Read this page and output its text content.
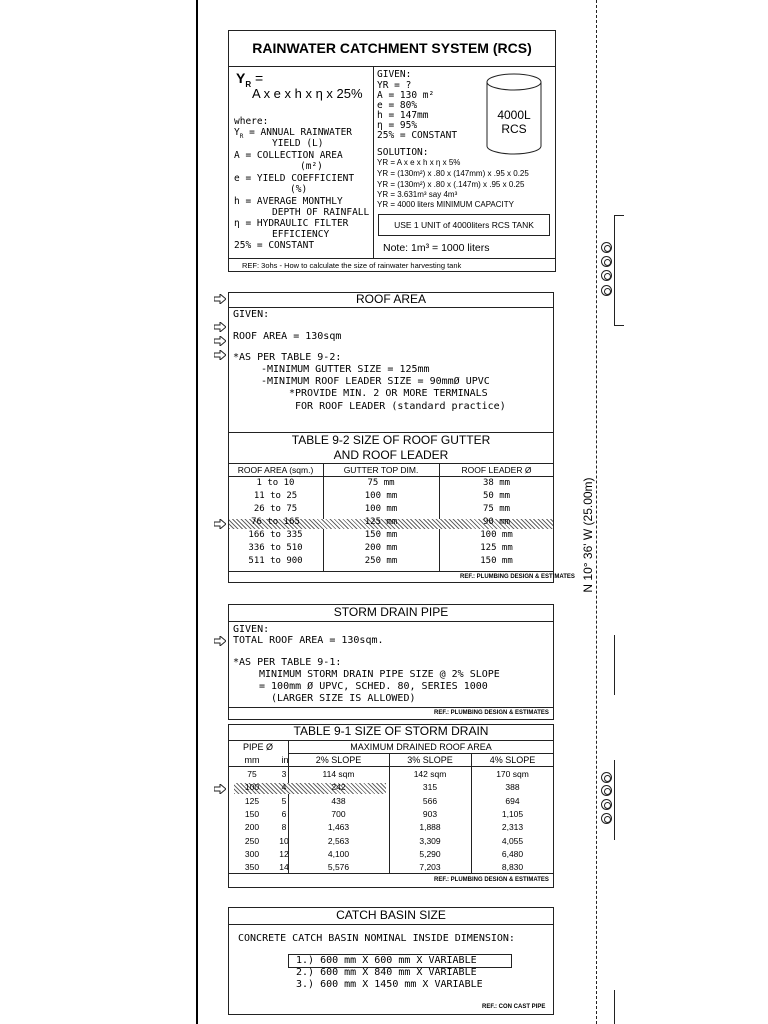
N 10° 36' W (25.00m)
RAINWATER CATCHMENT SYSTEM (RCS)
$Y_R$ =
A x e x h x η x 25%
where:
$Y_R$ = ANNUAL RAINWATER
YIELD (L)
A = COLLECTION AREA
(m²)
e = YIELD COEFFICIENT
(%)
h = AVERAGE MONTHLY
DEPTH OF RAINFALL
η = HYDRAULIC FILTER
EFFICIENCY
25% = CONSTANT
GIVEN:
YR = ?
A = 130 m²
e = 80%
h = 147mm
η = 95%
25% = CONSTANT
4000L
RCS
SOLUTION:
YR = A x e x h x η x 5%
YR = (130m²) x .80 x (147mm) x .95 x 0.25
YR = (130m²) x .80 x (.147m) x .95 x 0.25
YR = 3.631m³ say 4m³
YR = 4000 liters MINIMUM CAPACITY
USE 1 UNIT of 4000liters RCS TANK
Note: 1m³ = 1000 liters
REF: 3ohs - How to calculate the size of rainwater harvesting tank
ROOF AREA
GIVEN:
ROOF AREA = 130sqm
*AS PER TABLE 9-2:
-MINIMUM GUTTER SIZE = 125mm
-MINIMUM ROOF LEADER SIZE = 90mmØ UPVC
*PROVIDE MIN. 2 OR MORE TERMINALS
FOR ROOF LEADER (standard practice)
TABLE 9-2 SIZE OF ROOF GUTTER
AND ROOF LEADER
ROOF AREA (sqm.)	GUTTER TOP DIM.	ROOF LEADER Ø
1 to 10	75 mm	38 mm
11 to 25	100 mm	50 mm
26 to 75	100 mm	75 mm
76 to 165	125 mm	90 mm
166 to 335	150 mm	100 mm
336 to 510	200 mm	125 mm
511 to 900	250 mm	150 mm
REF.: PLUMBING DESIGN & ESTIMATES
STORM DRAIN PIPE
GIVEN:
TOTAL ROOF AREA = 130sqm.
*AS PER TABLE 9-1:
MINIMUM STORM DRAIN PIPE SIZE @ 2% SLOPE
= 100mm Ø UPVC, SCHED. 80, SERIES 1000
(LARGER SIZE IS ALLOWED)
REF.: PLUMBING DESIGN & ESTIMATES
TABLE 9-1 SIZE OF STORM DRAIN
PIPE Ø	MAXIMUM DRAINED ROOF AREA
mm	in	2% SLOPE	3% SLOPE	4% SLOPE
75	3	114 sqm	142 sqm	170 sqm
100	4	242	315	388
125	5	438	566	694
150	6	700	903	1,105
200	8	1,463	1,888	2,313
250	10	2,563	3,309	4,055
300	12	4,100	5,290	6,480
350	14	5,576	7,203	8,830
REF.: PLUMBING DESIGN & ESTIMATES
CATCH BASIN SIZE
CONCRETE CATCH BASIN NOMINAL INSIDE DIMENSION:
1.) 600 mm X 600 mm X VARIABLE
2.) 600 mm X 840 mm X VARIABLE
3.) 600 mm X 1450 mm X VARIABLE
REF.: CON CAST PIPE
